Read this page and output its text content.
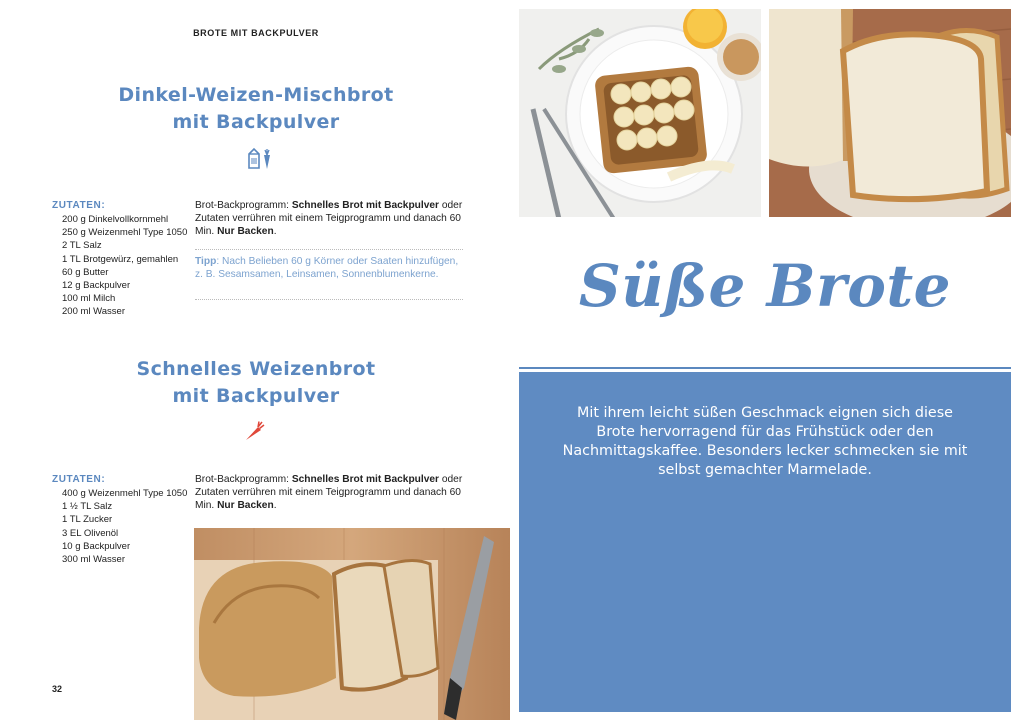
BROTE MIT BACKPULVER
Dinkel-Weizen-Mischbrot
mit Backpulver
ZUTATEN:
200 g Dinkelvollkornmehl
250 g Weizenmehl Type 1050
2 TL Salz
1 TL Brotgewürz, gemahlen
60 g Butter
12 g Backpulver
100 ml Milch
200 ml Wasser

Brot-Backprogramm: Schnelles Brot mit Backpulver oder Zutaten verrühren mit einem Teigprogramm und danach 60 Min. Nur Backen.

Tipp: Nach Belieben 60 g Körner oder Saaten hinzufügen, z. B. Sesamsamen, Leinsamen, Sonnenblumenkerne.

Schnelles Weizenbrot
mit Backpulver
ZUTATEN:
400 g Weizenmehl Type 1050
1 ½ TL Salz
1 TL Zucker
3 EL Olivenöl
10 g Backpulver
300 ml Wasser

Brot-Backprogramm: Schnelles Brot mit Backpulver oder Zutaten verrühren mit einem Teigprogramm und danach 60 Min. Nur Backen.

32
Süße Brote

Mit ihrem leicht süßen Geschmack eignen sich diese Brote hervorragend für das Frühstück oder den Nachmittagskaffee. Besonders lecker schmecken sie mit selbst gemachter Marmelade.
